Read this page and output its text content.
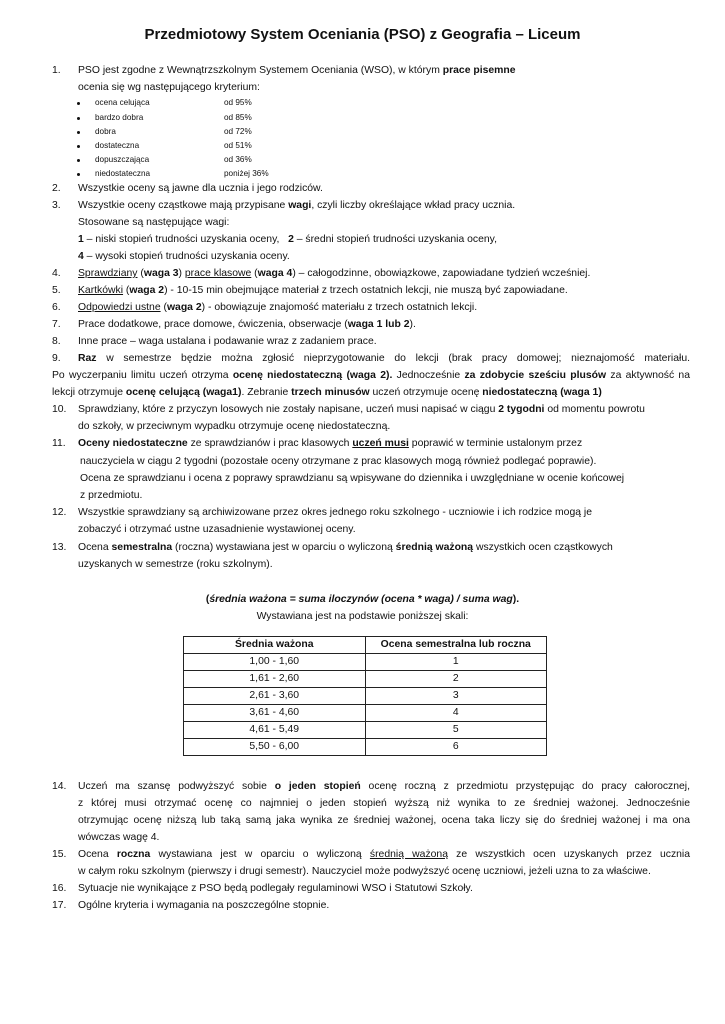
Przedmiotowy System Oceniania (PSO) z Geografia – Liceum
1. PSO jest zgodne z Wewnątrzszkolnym Systemem Oceniania (WSO), w którym prace pisemne
ocenia się wg następującego kryterium:
ocena celująca	od 95%
bardzo dobra	od 85%
dobra	od 72%
dostateczna	od 51%
dopuszczająca	od 36%
niedostateczna	poniżej 36%
2. Wszystkie oceny są jawne dla ucznia i jego rodziców.
3. Wszystkie oceny cząstkowe mają przypisane wagi, czyli liczby określające wkład pracy ucznia.
Stosowane są następujące wagi:
1 – niski stopień trudności uzyskania oceny, 2 – średni stopień trudności uzyskania oceny,
4 – wysoki stopień trudności uzyskania oceny.
4. Sprawdziany (waga 3) prace klasowe (waga 4) – całogodzinne, obowiązkowe, zapowiadane tydzień wcześniej.
5. Kartkówki (waga 2) - 10-15 min obejmujące materiał z trzech ostatnich lekcji, nie muszą być zapowiadane.
6. Odpowiedzi ustne (waga 2) - obowiązuje znajomość materiału z trzech ostatnich lekcji.
7. Prace dodatkowe, prace domowe, ćwiczenia, obserwacje (waga 1 lub 2).
8. Inne prace – waga ustalana i podawanie wraz z zadaniem prace.
9. Raz w semestrze będzie można zgłosić nieprzygotowanie do lekcji (brak pracy domowej; nieznajomość materiału.
Po wyczerpaniu limitu uczeń otrzyma ocenę niedostateczną (waga 2). Jednocześnie za zdobycie sześciu plusów za aktywność na
lekcji otrzymuje ocenę celującą (waga1). Zebranie trzech minusów uczeń otrzymuje ocenę niedostateczną (waga 1)
10. Sprawdziany, które z przyczyn losowych nie zostały napisane, uczeń musi napisać w ciągu 2 tygodni od momentu powrotu
do szkoły, w przeciwnym wypadku otrzymuje ocenę niedostateczną.
11. Oceny niedostateczne ze sprawdzianów i prac klasowych uczeń musi poprawić w terminie ustalonym przez
nauczyciela w ciągu 2 tygodni (pozostałe oceny otrzymane z prac klasowych mogą również podlegać poprawie).
Ocena ze sprawdzianu i ocena z poprawy sprawdzianu są wpisywane do dziennika i uwzględniane w ocenie końcowej
z przedmiotu.
12. Wszystkie sprawdziany są archiwizowane przez okres jednego roku szkolnego - uczniowie i ich rodzice mogą je
zobaczyć i otrzymać ustne uzasadnienie wystawionej oceny.
13. Ocena semestralna (roczna) wystawiana jest w oparciu o wyliczoną średnią ważoną wszystkich ocen cząstkowych
uzyskanych w semestrze (roku szkolnym).
(średnia ważona = suma iloczynów (ocena * waga) / suma wag).
Wystawiana jest na podstawie poniższej skali:
Średnia ważona	Ocena semestralna lub roczna
1,00 - 1,60	1
1,61 - 2,60	2
2,61 - 3,60	3
3,61 - 4,60	4
4,61 - 5,49	5
5,50 - 6,00	6
14. Uczeń ma szansę podwyższyć sobie o jeden stopień ocenę roczną z przedmiotu przystępując do pracy całorocznej,
z której musi otrzymać ocenę co najmniej o jeden stopień wyższą niż wynika to ze średniej ważonej. Jednocześnie
otrzymując ocenę niższą lub taką samą jaka wynika ze średniej ważonej, ocena taka liczy się do średniej ważonej i ma ona
wówczas wagę 4.
15. Ocena roczna wystawiana jest w oparciu o wyliczoną średnią ważoną ze wszystkich ocen uzyskanych przez ucznia
w całym roku szkolnym (pierwszy i drugi semestr). Nauczyciel może podwyższyć ocenę uczniowi, jeżeli uzna to za właściwe.
16. Sytuacje nie wynikające z PSO będą podlegały regulaminowi WSO i Statutowi Szkoły.
17. Ogólne kryteria i wymagania na poszczególne stopnie.
